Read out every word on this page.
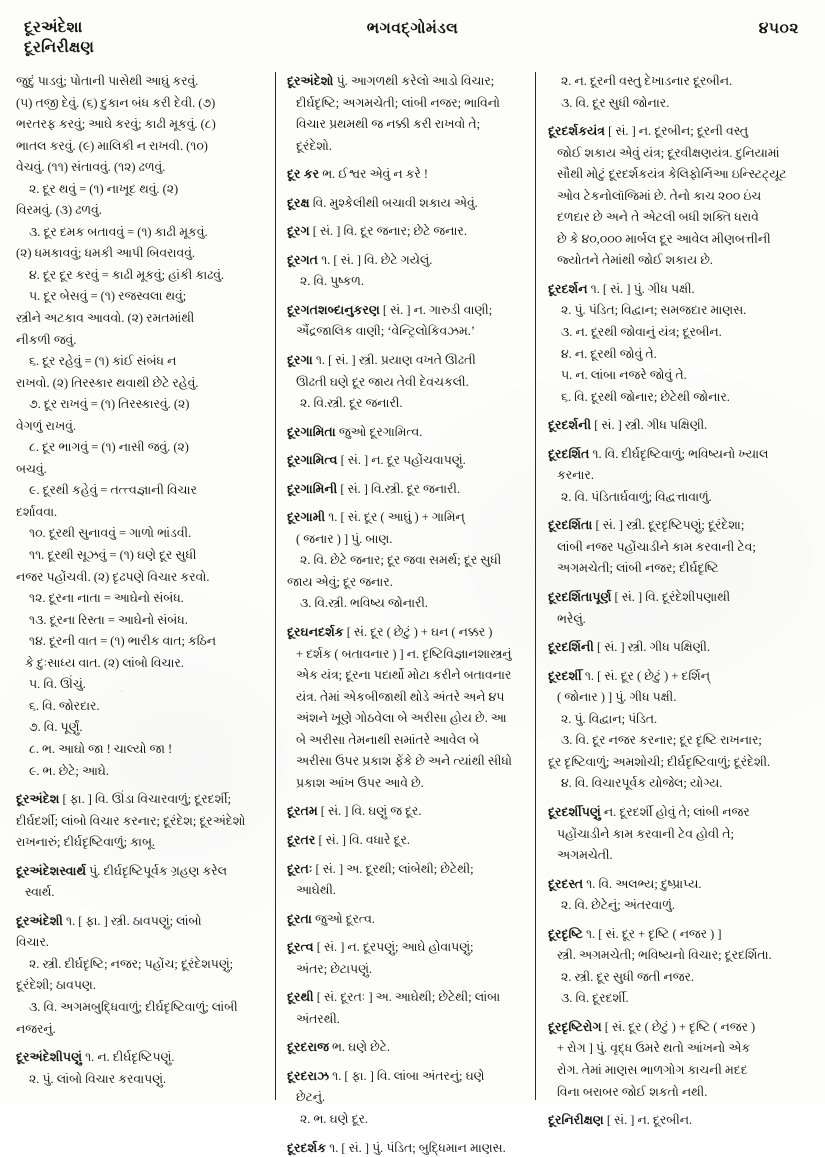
દૂરઅંદેશા
દૂરનિરીક્ષણ
ભગવદ્ગોમંડલ	૪૫૦૨
જુદું પાડવું; પોતાની પાસેથી આઘું કરવું.
(૫) તજી દેવું. (૬) દુકાન બંધ કરી દેવી. (૭)
ભરતરફ કરવું; આઘે કરવું; કાઢી મૂકવું. (૮)
ભાતલ કરવું. (૯) માલિકી ન રાખવી. (૧૦)
વેચવું. (૧૧) સંતાવવું. (૧૨) ઢળવું.
૨. દૂર થવું = (૧) નાખૂદ થવું. (૨)
વિરમવું. (૩) ઢળવું.
૩. દૂર દમક બતાવવું = (૧) કાઢી મૂકવું.
(૨) ધમકાવવું; ધમકી આપી બિવરાવવું.
૪. દૂર દૂર કરવું = કાઢી મૂકવું; હાંકી કાઢવું.
૫. દૂર બેસવું = (૧) રજસ્વલા થવું;
સ્ત્રીને અટકાવ આવવો. (૨) રમતમાંથી
નીકળી જવું.
૬. દૂર રહેવું = (૧) કાંઈ સંબંધ ન
રાખવો. (૨) તિરસ્કાર થવાથી છેટે રહેવું.
૭. દૂર રાખવું = (૧) તિરસ્કારવું. (૨)
વેગળું રાખવું.
૮. દૂર ભાગવું = (૧) નાસી જવું. (૨)
બચવું.
૯. દૂરથી કહેવું = તત્ત્વજ્ઞાની વિચાર
દર્શાવવા.
૧૦. દૂરથી સુનાવવું = ગાળો ભાંડવી.
૧૧. દૂરથી સૂઝવું = (૧) ઘણે દૂર સુધી
નજર પહોંચવી. (૨) દૃઢપણે વિચાર કરવો.
૧૨. દૂરના નાતા = આઘેનો સંબંધ.
૧૩. દૂરના રિસ્તા = આઘેનો સંબંધ.
૧૪. દૂરની વાત = (૧) ભારીક વાત; કઠિન
કે દુઃસાધ્ય વાત. (૨) લાંબો વિચાર.
૫. વિ. ઊંચું.
૬. વિ. જોરદાર.
૭. વિ. પૂર્ણું.
૮. ભ. આઘો જા ! ચાલ્યો જા !
૯. ભ. છેટે; આઘે.
દૂરઅંદેશ [ ફા. ] વિ. ઊંડા વિચારવાળું; દૂરદર્શી;
દીર્ઘદર્શી; લાંબો વિચાર કરનાર; દૂરંદેશ; દૂરઅંદેશો
રાખનારું; દીર્ઘદૃષ્ટિવાળું; કાબૂ.
દૂરઅંદેશસ્વાર્થ પું. દીર્ઘદૃષ્ટિપૂર્વક ગ્રહણ કરેલ
સ્વાર્થ.
દૂરઅંદેશી ૧. [ ફા. ] સ્ત્રી. ઠાવપણું; લાંબો
વિચાર.
૨. સ્ત્રી. દીર્ઘદૃષ્ટિ; નજર; પહોંચ; દૂરંદેશપણું;
દૂરંદેશી; ઠાવપણ.
૩. વિ. અગમબુદ્ધિવાળું; દીર્ઘદૃષ્ટિવાળું; લાંબી
નજરનું.
દૂરઅંદેશીપણું ૧. ન. દીર્ઘદૃષ્ટિપણું.
૨. પું. લાંબો વિચાર કરવાપણું.
દૂરઅંદેશો પું. આગળથી કરેલો આડો વિચાર;
દીર્ઘદૃષ્ટિ; અગમચેતી; લાંબી નજર; ભાવિનો
વિચાર પ્રથમથી જ નક્કી કરી રાખવો તે;
દૂરંદેશો.
દૂર કર ભ. ઈશ્વર એવું ન કરે !
દૂરક્ષ વિ. મુશ્કેલીથી બચાવી શકાય એવું.
દૂરગ [ સં. ] વિ. દૂર જનાર; છેટે જનાર.
દૂરગત ૧. [ સં. ] વિ. છેટે ગયેલું.
૨. વિ. પુષ્કળ.
દૂરગતશબ્દાનુકરણ [ સં. ] ન. ગારુડી વાણી;
ઐંદ્રજાલિક વાણી; ‘વેન્ટ્રિલોકિવઝમ.’
દૂરગા ૧. [ સં. ] સ્ત્રી. પ્રયાણ વખતે ઊઢતી
ઊઢતી ઘણે દૂર જાય તેવી દેવચકલી.
૨. વિ.સ્ત્રી. દૂર જનારી.
દૂરગામિતા જુઓ દૂરગામિત્વ.
દૂરગામિત્વ [ સં. ] ન. દૂર પહોંચવાપણું.
દૂરગામિની [ સં. ] વિ.સ્ત્રી. દૂર જનારી.
દૂરગામી ૧. [ સં. દૂર ( આઘું ) + ગામિન્
( જનાર ) ] પું. બાણ.
૨. વિ. છેટે જનાર; દૂર જવા સમર્થ; દૂર સુધી
જાય એવું; દૂર જનાર.
૩. વિ.સ્ત્રી. ભવિષ્ય જોનારી.
દૂરઘનદર્શક [ સં. દૂર ( છેટું ) + ઘન ( નક્કર )
+ દર્શક ( બતાવનાર ) ] ન. દૃષ્ટિવિજ્ઞાનશાસ્ત્રનું
એક યંત્ર; દૂરના પદાર્થો મોટા કરીને બતાવનાર
યંત્ર. તેમાં એકબીજાથી થોડે અંતરે અને ૪૫
અંશને ખૂણે ગોઠવેલા બે અરીસા હોય છે. આ
બે અરીસા તેમનાથી સમાંતરે આવેલ બે
અરીસા ઉપર પ્રકાશ ફેંકે છે અને ત્યાંથી સીધો
પ્રકાશ આંખ ઉપર આવે છે.
દૂરતમ [ સં. ] વિ. ઘણું જ દૂર.
દૂરતર [ સં. ] વિ. વધારે દૂર.
દૂરતઃ [ સં. ] અ. દૂરથી; લાંબેથી; છેટેથી;
આઘેથી.
દૂરતા જુઓ દૂરત્વ.
દૂરત્વ [ સં. ] ન. દૂરપણું; આઘે હોવાપણું;
અંતર; છેટાપણું.
દૂરથી [ સં. દૂરતઃ ] અ. આઘેથી; છેટેથી; લાંબા
અંતરથી.
દૂરદરાજ ભ. ઘણે છેટે.
દૂરદરાઝ ૧. [ ફા. ] વિ. લાંબા અંતરનું; ઘણે
છેટનું.
૨. ભ. ઘણે દૂર.
દૂરદર્શક ૧. [ સં. ] પું. પંડિત; બુદ્ધિમાન માણસ.
૨. ન. દૂરની વસ્તુ દેખાડનાર દૂરબીન.
૩. વિ. દૂર સુધી જોનાર.
દૂરદર્શકયંત્ર [ સં. ] ન. દૂરબીન; દૂરની વસ્તુ
જોઈ શકાય એવું યંત્ર; દૂરવીક્ષણયંત્ર. દુનિયામાં
સૌથી મોટું દૂરદર્શકયંત્ર કેલિફોર્નિઆ ઇન્સ્ટિટ્યૂટ
ઓવ ટેકનોલૉજિમાં છે. તેનો કાચ ૨૦૦ ઇંચ
દળદાર છે અને તે એટલી બધી શક્તિ ધરાવે
છે કે ૪૦,૦૦૦ માર્બલ દૂર આવેલ મીણબત્તીની
જ્યોતને તેમાંથી જોઈ શકાય છે.
દૂરદર્શન ૧. [ સં. ] પું. ગીધ પક્ષી.
૨. પું. પંડિત; વિદ્વાન; સમજદાર માણસ.
૩. ન. દૂરથી જોવાનું યંત્ર; દૂરબીન.
૪. ન. દૂરથી જોવું તે.
૫. ન. લાંબા નજરે જોવું તે.
૬. વિ. દૂરથી જોનાર; છેટેથી જોનાર.
દૂરદર્શની [ સં. ] સ્ત્રી. ગીધ પક્ષિણી.
દૂરદર્શિત ૧. વિ. દીર્ઘદૃષ્ટિવાળું; ભવિષ્યનો ખ્યાલ
કરનાર.
૨. વિ. પંડિતાર્ઘવાળું; વિદ્વત્તાવાળું.
દૂરદર્શિતા [ સં. ] સ્ત્રી. દૂરદૃષ્ટિપણું; દૂરંદેશા;
લાંબી નજર પહોંચાડીને કામ કરવાની ટેવ;
અગમચેતી; લાંબી નજર; દીર્ઘદૃષ્ટિ
દૂરદર્શિતાપૂર્ણ [ સં. ] વિ. દૂરંદેશીપણાથી
ભરેલું.
દૂરદર્શિની [ સં. ] સ્ત્રી. ગીધ પક્ષિણી.
દૂરદર્શી ૧. [ સં. દૂર ( છેટું ) + દર્શિન્
( જોનાર ) ] પું. ગીધ પક્ષી.
૨. પું. વિદ્વાન; પંડિત.
૩. વિ. દૂર નજર કરનાર; દૂર દૃષ્ટિ રાખનાર;
દૂર દૃષ્ટિવાળું; અમશોચી; દીર્ઘદૃષ્ટિવાળું; દૂરંદેશી.
૪. વિ. વિચારપૂર્વક યોજેલ; યોગ્ય.
દૂરદર્શીપણું ન. દૂરદર્શી હોવું તે; લાંબી નજર
પહોંચાડીને કામ કરવાની ટેવ હોવી તે;
અગમચેતી.
દૂરદસ્ત ૧. વિ. અલભ્ય; દુષ્પ્રાપ્ય.
૨. વિ. છેટેનું; અંતરવાળું.
દૂરદૃષ્ટિ ૧. [ સં. દૂર + દૃષ્ટિ ( નજર ) ]
સ્ત્રી. અગમચેતી; ભવિષ્યનો વિચાર; દૂરદર્શિતા.
૨. સ્ત્રી. દૂર સુધી જતી નજર.
૩. વિ. દૂરદર્શી.
દૂરદૃષ્ટિરોગ [ સં. દૂર ( છેટું ) + દૃષ્ટિ ( નજર )
+ રોગ ] પું. વૃદ્ધ ઉમરે થતો આંખનો એક
રોગ. તેમાં માણસ ભાળગોગ કાચની મદદ
વિના બરાબર જોઈ શકતો નથી.
દૂરનિરીક્ષણ [ સં. ] ન. દૂરબીન.
